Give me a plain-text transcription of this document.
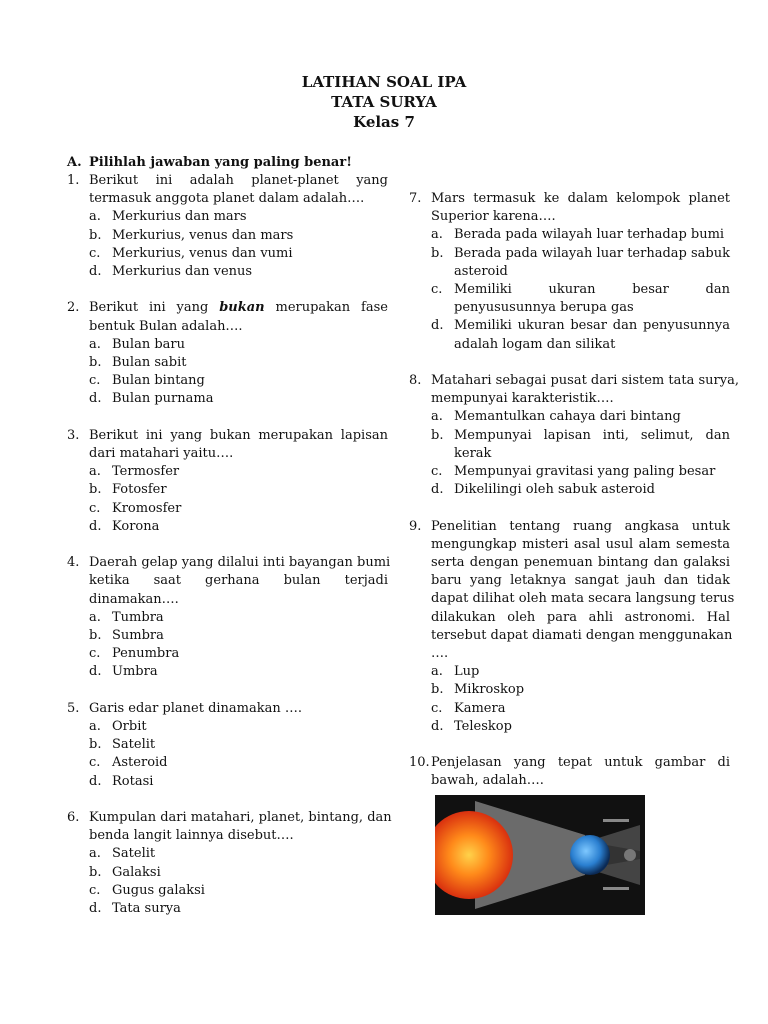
LATIHAN SOAL IPA
TATA SURYA
Kelas 7
A. Pilihlah jawaban yang paling benar!
1. Berikut ini adalah planet-planet yang
termasuk anggota planet dalam adalah….
a. Merkurius dan mars
b. Merkurius, venus dan mars
c. Merkurius, venus dan vumi
d. Merkurius dan venus
2. Berikut ini yang bukan merupakan fase
bentuk Bulan adalah….
a. Bulan baru
b. Bulan sabit
c. Bulan bintang
d. Bulan purnama
3. Berikut ini yang bukan merupakan lapisan
dari matahari yaitu….
a. Termosfer
b. Fotosfer
c. Kromosfer
d. Korona
4. Daerah gelap yang dilalui inti bayangan bumi
ketika saat gerhana bulan terjadi
dinamakan….
a. Tumbra
b. Sumbra
c. Penumbra
d. Umbra
5. Garis edar planet dinamakan ….
a. Orbit
b. Satelit
c. Asteroid
d. Rotasi
6. Kumpulan dari matahari, planet, bintang, dan
benda langit lainnya disebut….
a. Satelit
b. Galaksi
c. Gugus galaksi
d. Tata surya
7. Mars termasuk ke dalam kelompok planet
Superior karena….
a. Berada pada wilayah luar terhadap bumi
b. Berada pada wilayah luar terhadap sabuk
asteroid
c. Memiliki ukuran besar dan
penyususunnya berupa gas
d. Memiliki ukuran besar dan penyusunnya
adalah logam dan silikat
8. Matahari sebagai pusat dari sistem tata surya,
mempunyai karakteristik….
a. Memantulkan cahaya dari bintang
b. Mempunyai lapisan inti, selimut, dan
kerak
c. Mempunyai gravitasi yang paling besar
d. Dikelilingi oleh sabuk asteroid
9. Penelitian tentang ruang angkasa untuk
mengungkap misteri asal usul alam semesta
serta dengan penemuan bintang dan galaksi
baru yang letaknya sangat jauh dan tidak
dapat dilihat oleh mata secara langsung terus
dilakukan oleh para ahli astronomi. Hal
tersebut dapat diamati dengan menggunakan
….
a. Lup
b. Mikroskop
c. Kamera
d. Teleskop
10. Penjelasan yang tepat untuk gambar di
bawah, adalah….
